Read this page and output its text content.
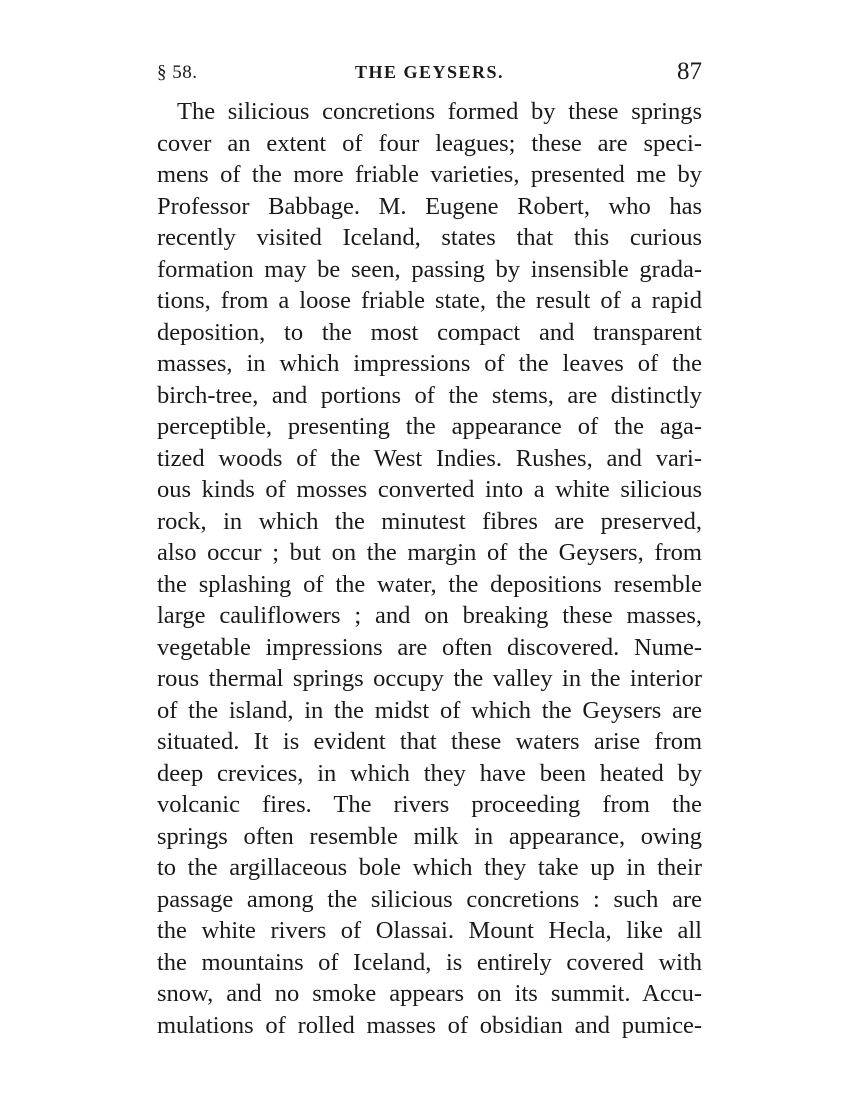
§ 58.	THE GEYSERS.	87
The silicious concretions formed by these springs
cover an extent of four leagues; these are speci-
mens of the more friable varieties, presented me by
Professor Babbage. M. Eugene Robert, who has
recently visited Iceland, states that this curious
formation may be seen, passing by insensible grada-
tions, from a loose friable state, the result of a rapid
deposition, to the most compact and transparent
masses, in which impressions of the leaves of the
birch-tree, and portions of the stems, are distinctly
perceptible, presenting the appearance of the aga-
tized woods of the West Indies. Rushes, and vari-
ous kinds of mosses converted into a white silicious
rock, in which the minutest fibres are preserved,
also occur ; but on the margin of the Geysers, from
the splashing of the water, the depositions resemble
large cauliflowers ; and on breaking these masses,
vegetable impressions are often discovered. Nume-
rous thermal springs occupy the valley in the interior
of the island, in the midst of which the Geysers are
situated. It is evident that these waters arise from
deep crevices, in which they have been heated by
volcanic fires. The rivers proceeding from the
springs often resemble milk in appearance, owing
to the argillaceous bole which they take up in their
passage among the silicious concretions : such are
the white rivers of Olassai. Mount Hecla, like all
the mountains of Iceland, is entirely covered with
snow, and no smoke appears on its summit. Accu-
mulations of rolled masses of obsidian and pumice-
